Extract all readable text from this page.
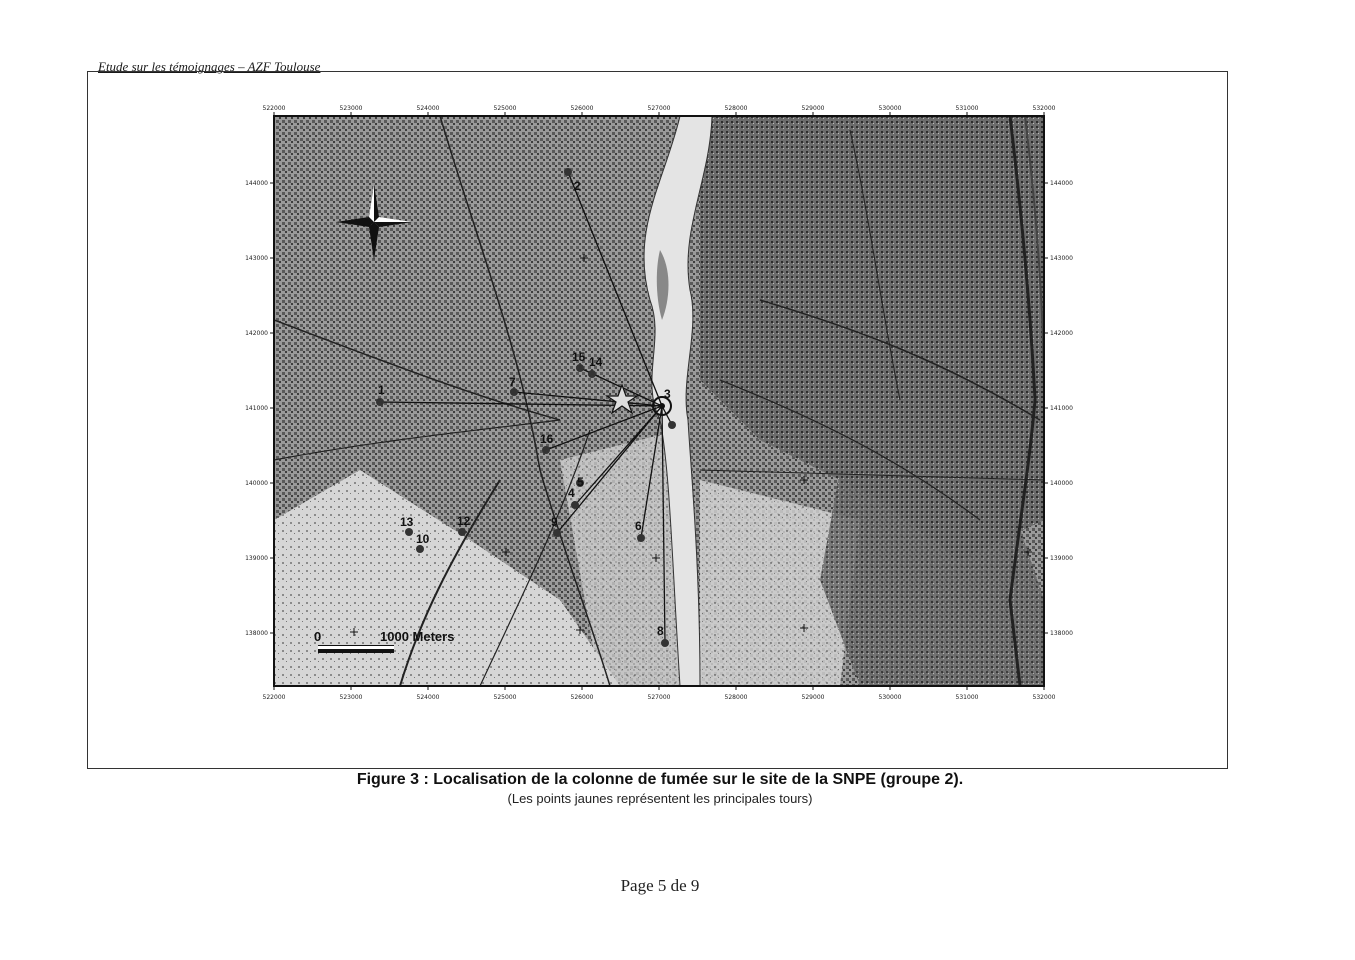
Etude sur les témoignages – AZF Toulouse
522000	523000	524000	525000	526000	527000	528000	529000	530000	531000	532000
522000	523000	524000	525000	526000	527000	528000	529000	530000	531000	532000
144000
143000
142000
141000
140000
139000
138000
144000
143000
142000
141000
140000
139000
138000
1
2
3
4
5
6
7
8
9
10
12
13
14
15
16
0	1000 Meters
Figure 3 : Localisation de la colonne de fumée sur le site de la SNPE (groupe 2).
(Les points jaunes représentent les principales tours)
Page 5 de 9
